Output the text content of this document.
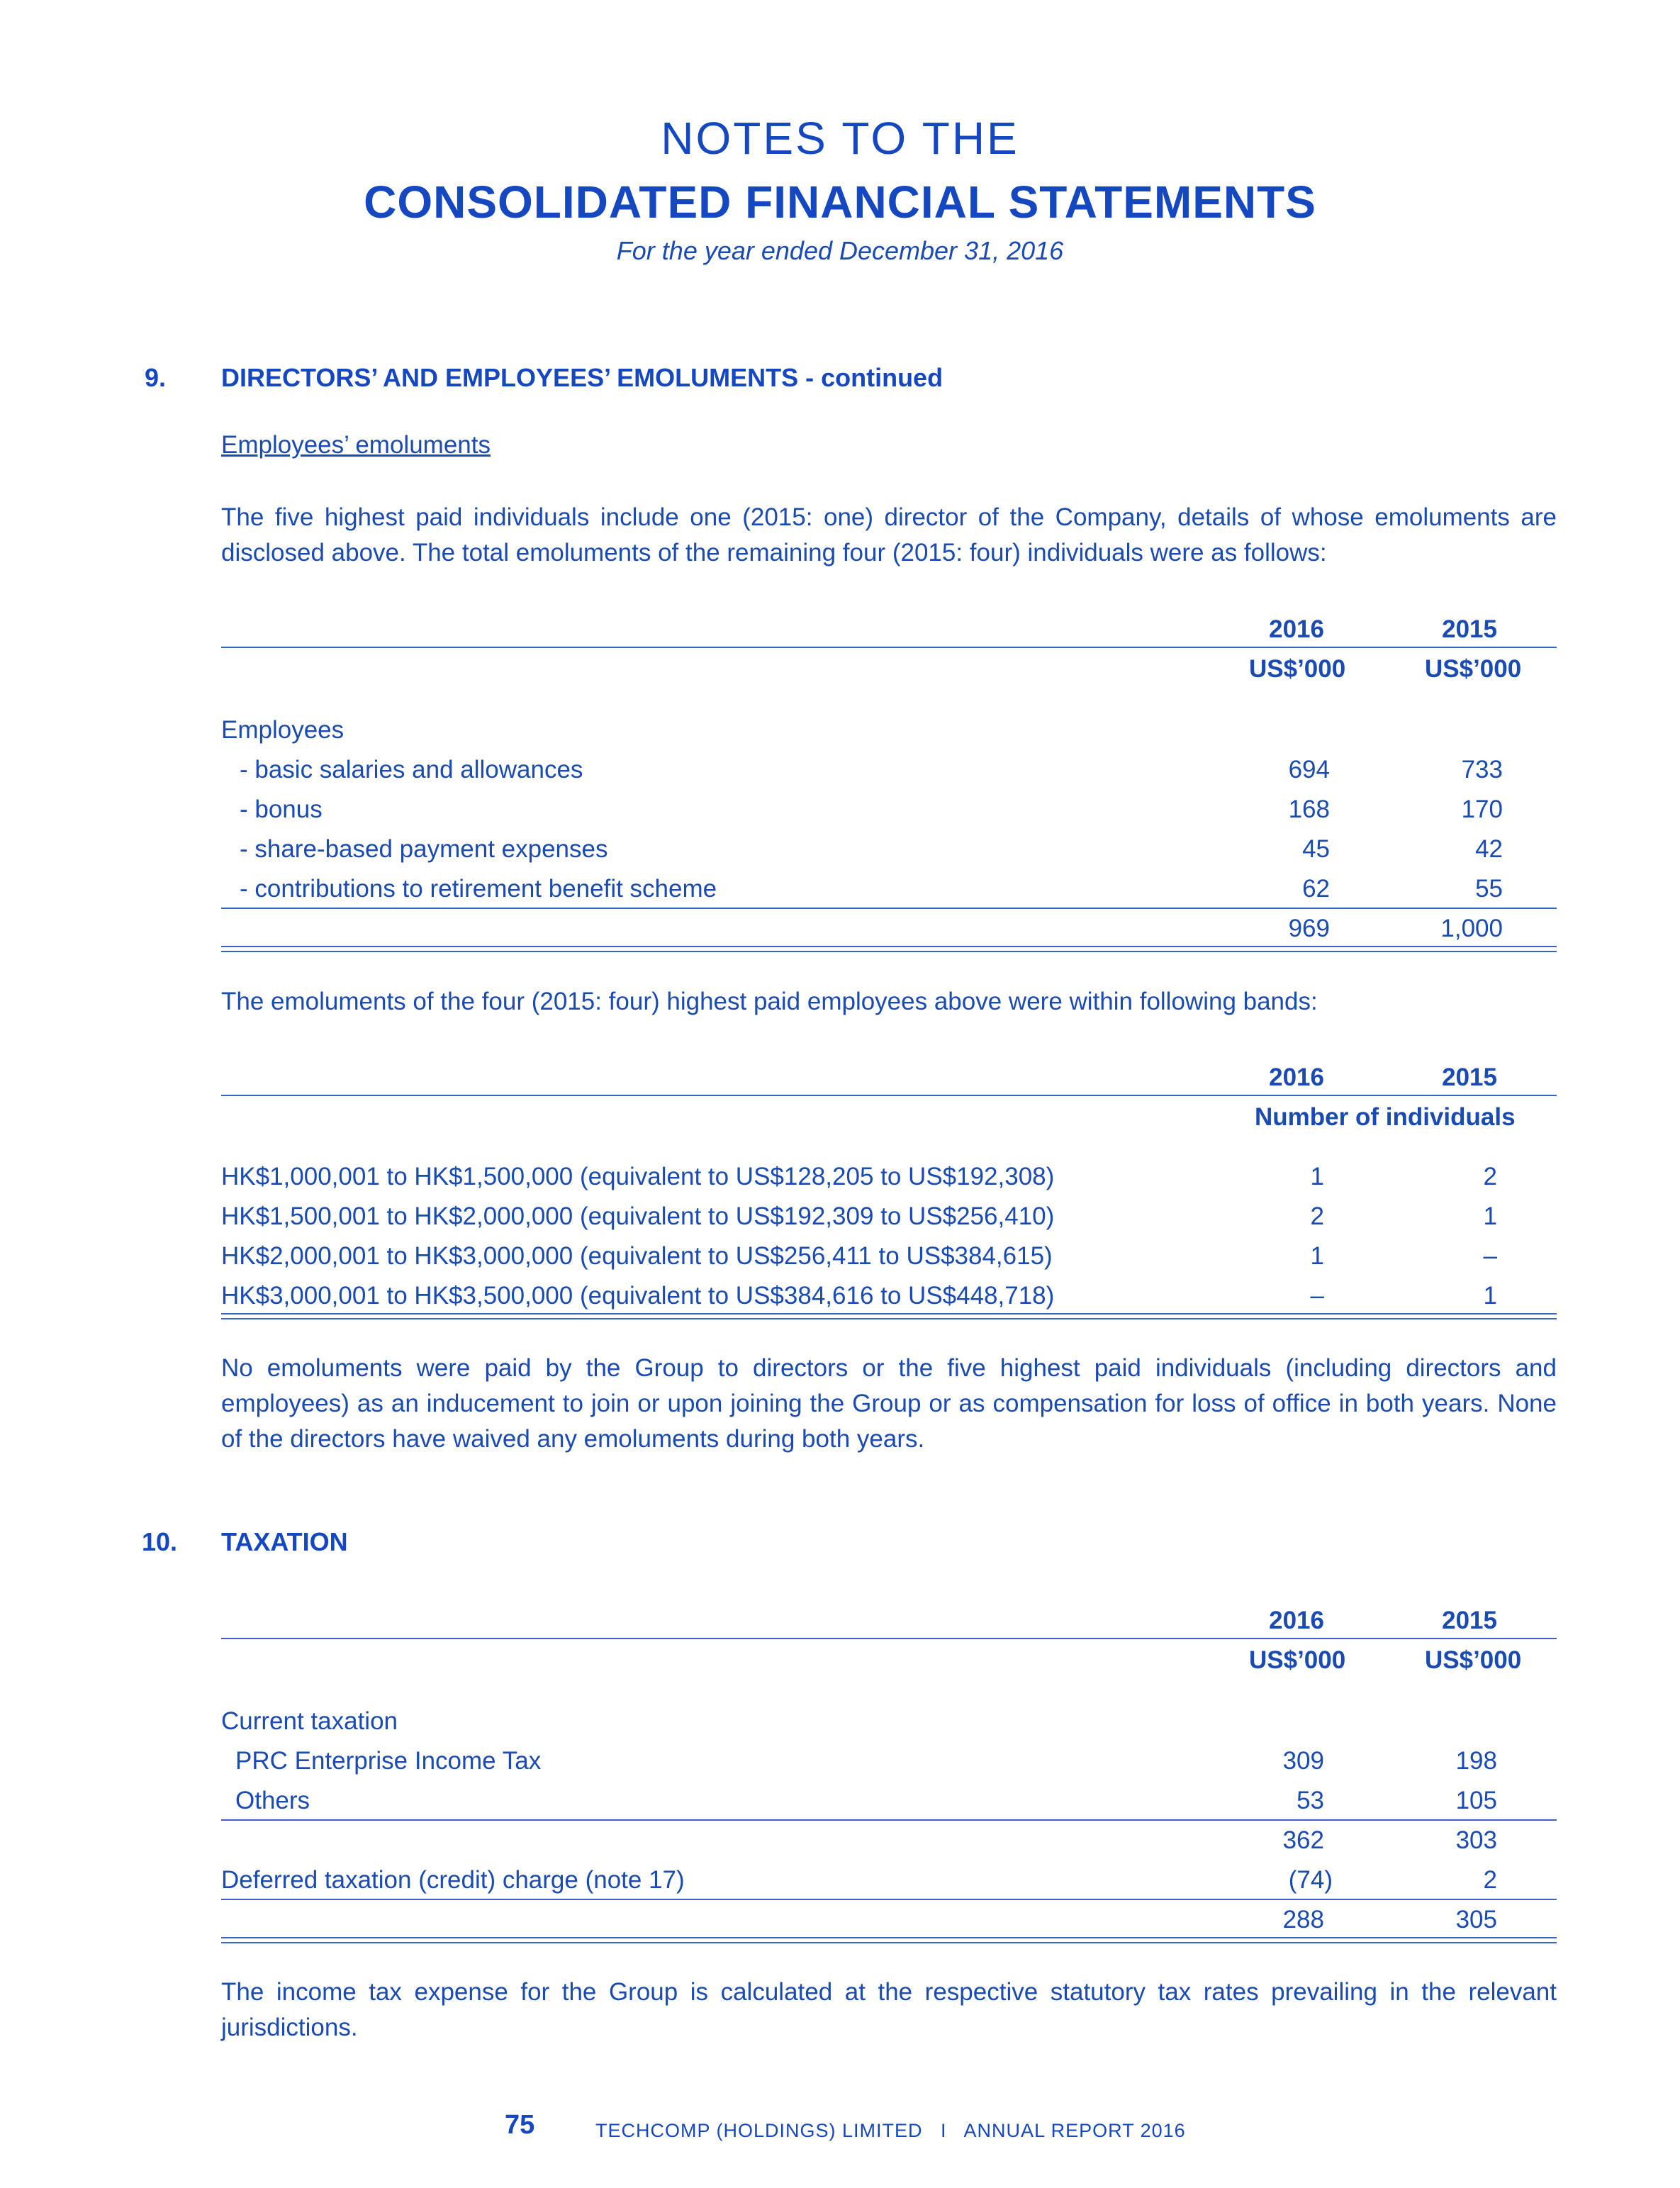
NOTES TO THE
CONSOLIDATED FINANCIAL STATEMENTS
For the year ended December 31, 2016
9. DIRECTORS’ AND EMPLOYEES’ EMOLUMENTS - continued
Employees’ emoluments
The five highest paid individuals include one (2015: one) director of the Company, details of whose emoluments are disclosed above. The total emoluments of the remaining four (2015: four) individuals were as follows:
2016	2015
US$’000	US$’000
Employees
- basic salaries and allowances	694	733
- bonus	168	170
- share-based payment expenses	45	42
- contributions to retirement benefit scheme	62	55
969	1,000
The emoluments of the four (2015: four) highest paid employees above were within following bands:
2016	2015
Number of individuals
HK$1,000,001 to HK$1,500,000 (equivalent to US$128,205 to US$192,308)	1	2
HK$1,500,001 to HK$2,000,000 (equivalent to US$192,309 to US$256,410)	2	1
HK$2,000,001 to HK$3,000,000 (equivalent to US$256,411 to US$384,615)	1	–
HK$3,000,001 to HK$3,500,000 (equivalent to US$384,616 to US$448,718)	–	1
No emoluments were paid by the Group to directors or the five highest paid individuals (including directors and employees) as an inducement to join or upon joining the Group or as compensation for loss of office in both years. None of the directors have waived any emoluments during both years.
10. TAXATION
2016	2015
US$’000	US$’000
Current taxation
PRC Enterprise Income Tax	309	198
Others	53	105
362	303
Deferred taxation (credit) charge (note 17)	(74)	2
288	305
The income tax expense for the Group is calculated at the respective statutory tax rates prevailing in the relevant jurisdictions.
75	TECHCOMP (HOLDINGS) LIMITED   I   ANNUAL REPORT 2016
